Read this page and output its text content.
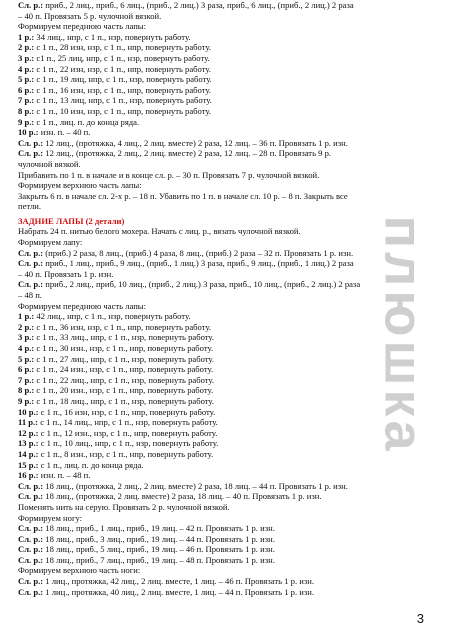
Сл. р.: приб., 2 лиц., приб., 6 лиц., (приб., 2 лиц.) 3 раза, приб., 6 лиц., (приб., 2 лиц.) 2 раза
– 40 п. Провязать 5 р. чулочной вязкой.
Формируем переднюю часть лапы:
1 р.: 34 лиц., нпр, с 1 п., нзр, повернуть работу.
2 р.: с 1 п., 28 изн, нзр, с 1 п., нпр, повернуть работу.
3 р.: с1 п., 25 лиц, нпр, с 1 п., нзр, повернуть работу.
4 р.: с 1 п., 22 изн, нзр, с 1 п., нпр, повернуть работу.
5 р.: с 1 п., 19 лиц, нпр, с 1 п., нзр, повернуть работу.
6 р.: с 1 п., 16 изн, нзр, с 1 п., нпр, повернуть работу.
7 р.: с 1 п., 13 лиц, нпр, с 1 п., нзр, повернуть работу.
8 р.: с 1 п., 10 изн, нзр, с 1 п., нпр, повернуть работу.
9 р.: с 1 п., лиц. п. до конца ряда.
10 р.: изн. п. – 40 п.
Сл. р.: 12 лиц., (протяжка, 4 лиц., 2 лиц. вместе) 2 раза, 12 лиц. – 36 п. Провязать 1 р. изн.
Сл. р.: 12 лиц., (протяжка, 2 лиц., 2 лиц. вместе) 2 раза, 12 лиц. – 28 п. Провязать 9 р. чулочной вязкой.
Прибавить по 1 п. в начале и в конце сл. р. – 30 п. Провязать 7 р. чулочной вязкой.
Формируем верхнюю часть лапы:
Закрыть 6 п. в начале сл. 2-х р. – 18 п. Убавить по 1 п. в начале сл. 10 р. – 8 п. Закрыть все петли.
ЗАДНИЕ ЛАПЫ (2 детали)
Набрать 24 п. нитью белого мохера. Начать с лиц. р., вязать чулочной вязкой.
Формируем лапу:
Сл. р.: (приб.) 2 раза, 8 лиц., (приб.) 4 раза, 8 лиц., (приб.) 2 раза – 32 п. Провязать 1 р. изн.
Сл. р.: приб., 1 лиц., приб., 9 лиц., (приб., 1 лиц.) 3 раза, приб., 9 лиц., (приб., 1 лиц.) 2 раза
– 40 п. Провязать 1 р. изн.
Сл. р.: приб., 2 лиц., приб, 10 лиц., (приб., 2 лиц.) 3 раза, приб., 10 лиц., (приб., 2 лиц.) 2 раза – 48 п.
Формируем переднюю часть лапы:
1 р.: 42 лиц., нпр, с 1 п., нзр, повернуть работу.
2 р.: с 1 п., 36 изн, нзр, с 1 п., нпр, повернуть работу.
3 р.: с 1 п., 33 лиц., нпр, с 1 п., нзр, повернуть работу.
4 р.: с 1 п., 30 изн., нзр, с 1 п., нпр, повернуть работу.
5 р.: с 1 п., 27 лиц., нпр, с 1 п., нзр, повернуть работу.
6 р.: с 1 п., 24 изн., нзр, с 1 п., нпр, повернуть работу.
7 р.: с 1 п., 22 лиц., нпр, с 1 п., нзр, повернуть работу.
8 р.: с 1 п., 20 изн., нзр, с 1 п., нпр, повернуть работу.
9 р.: с 1 п., 18 лиц., нпр, с 1 п., нзр, повернуть работу.
10 р.: с 1 п., 16 изн, нзр, с 1 п., нпр, повернуть работу.
11 р.: с 1 п., 14 лиц., нпр, с 1 п., нзр, повернуть работу.
12 р.: с 1 п., 12 изн., нзр, с 1 п., нпр, повернуть работу.
13 р.: с 1 п., 10 лиц., нпр, с 1 п., нзр, повернуть работу.
14 р.: с 1 п., 8 изн., нзр, с 1 п., нпр, повернуть работу.
15 р.: с 1 п., лиц. п. до конца ряда.
16 р.: изн. п. – 48 п.
Сл. р.: 18 лиц., (протяжка, 2 лиц., 2 лиц. вместе) 2 раза, 18 лиц. – 44 п. Провязать 1 р. изн.
Сл. р.: 18 лиц., (протяжка, 2 лиц. вместе) 2 раза, 18 лиц. – 40 п. Провязать 1 р. изн.
Поменять нить на серую. Провязать 2 р. чулочной вязкой.
Формируем ногу:
Сл. р.: 18 лиц., приб., 1 лиц., приб., 19 лиц. – 42 п. Провязать 1 р. изн.
Сл. р.: 18 лиц., приб., 3 лиц., приб., 19 лиц. – 44 п. Провязать 1 р. изн.
Сл. р.: 18 лиц., приб., 5 лиц., приб., 19 лиц. – 46 п. Провязать 1 р. изн.
Сл. р.: 18 лиц., приб., 7 лиц., приб., 19 лиц. – 48 п. Провязать 1 р. изн.
Формируем верхнюю часть ноги:
Сл. р.: 1 лиц., протяжка, 42 лиц., 2 лиц. вместе, 1 лиц. – 46 п. Провязать 1 р. изн.
Сл. р.: 1 лиц., протяжка, 40 лиц., 2 лиц. вместе, 1 лиц. – 44 п. Провязать 1 р. изн.
плюшка
3
